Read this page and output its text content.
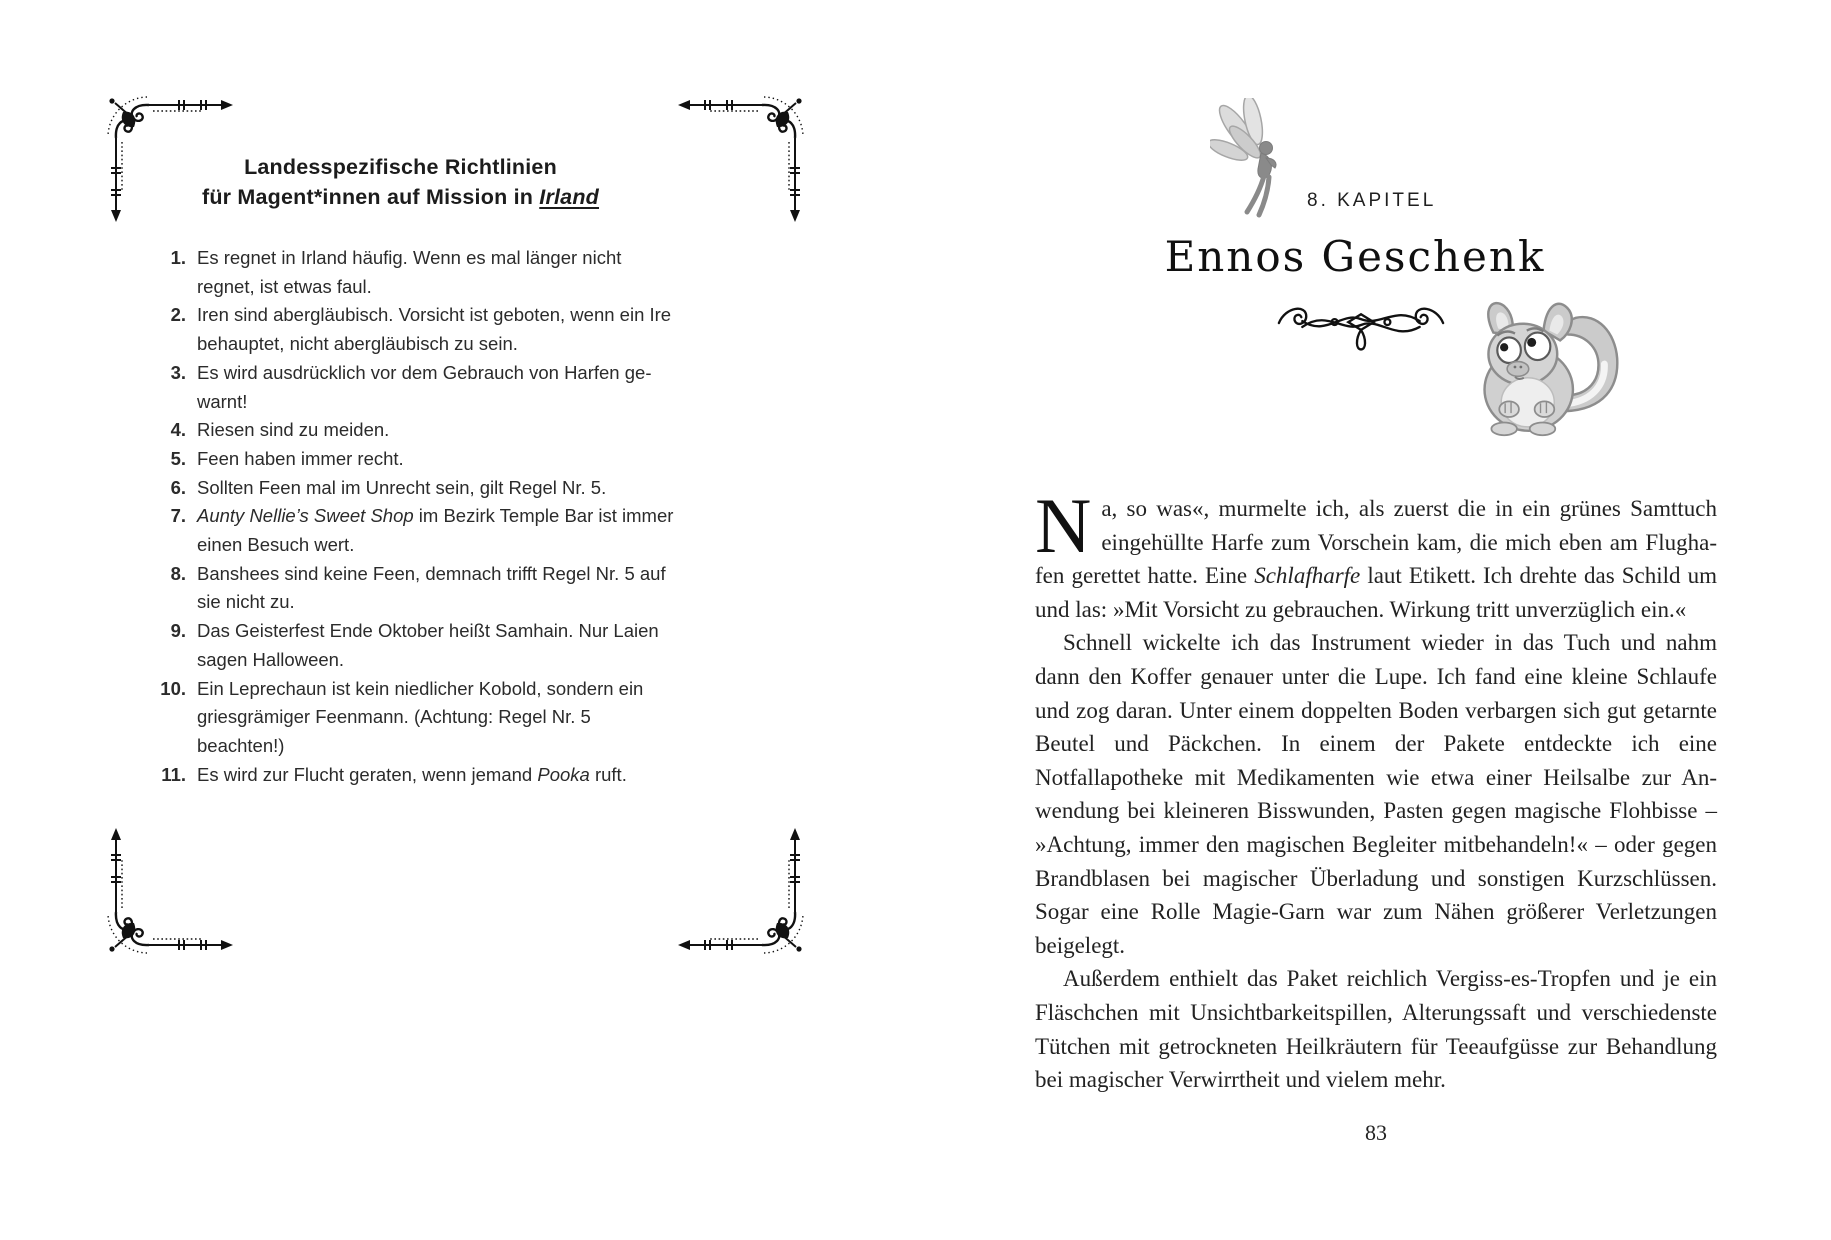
Landesspezifische Richtlinien
für Magent*innen auf Mission in Irland
1. Es regnet in Irland häufig. Wenn es mal länger nicht regnet, ist etwas faul.
2. Iren sind abergläubisch. Vorsicht ist geboten, wenn ein Ire behauptet, nicht abergläubisch zu sein.
3. Es wird ausdrücklich vor dem Gebrauch von Harfen gewarnt!
4. Riesen sind zu meiden.
5. Feen haben immer recht.
6. Sollten Feen mal im Unrecht sein, gilt Regel Nr. 5.
7. Aunty Nellie’s Sweet Shop im Bezirk Temple Bar ist immer einen Besuch wert.
8. Banshees sind keine Feen, demnach trifft Regel Nr. 5 auf sie nicht zu.
9. Das Geisterfest Ende Oktober heißt Samhain. Nur Laien sagen Halloween.
10. Ein Leprechaun ist kein niedlicher Kobold, sondern ein griesgrämiger Feenmann. (Achtung: Regel Nr. 5 beachten!)
11. Es wird zur Flucht geraten, wenn jemand Pooka ruft.
8. KAPITEL
Ennos Geschenk

Na, so was«, murmelte ich, als zuerst die in ein grünes Samttuch eingehüllte Harfe zum Vorschein kam, die mich eben am Flughafen gerettet hatte. Eine Schlafharfe laut Etikett. Ich drehte das Schild um und las: »Mit Vorsicht zu gebrauchen. Wirkung tritt unverzüglich ein.«

Schnell wickelte ich das Instrument wieder in das Tuch und nahm dann den Koffer genauer unter die Lupe. Ich fand eine kleine Schlaufe und zog daran. Unter einem doppelten Boden verbargen sich gut getarnte Beutel und Päckchen. In einem der Pakete entdeckte ich eine Notfallapotheke mit Medikamenten wie etwa einer Heilsalbe zur Anwendung bei kleineren Bisswunden, Pasten gegen magische Flohbisse – »Achtung, immer den magischen Begleiter mitbehandeln!« – oder gegen Brandblasen bei magischer Überladung und sonstigen Kurzschlüssen. Sogar eine Rolle Magie-Garn war zum Nähen größerer Verletzungen beigelegt.

Außerdem enthielt das Paket reichlich Vergiss-es-Tropfen und je ein Fläschchen mit Unsichtbarkeitspillen, Alterungssaft und verschiedenste Tütchen mit getrockneten Heilkräutern für Teeaufgüsse zur Behandlung bei magischer Verwirrtheit und vielem mehr.

83
